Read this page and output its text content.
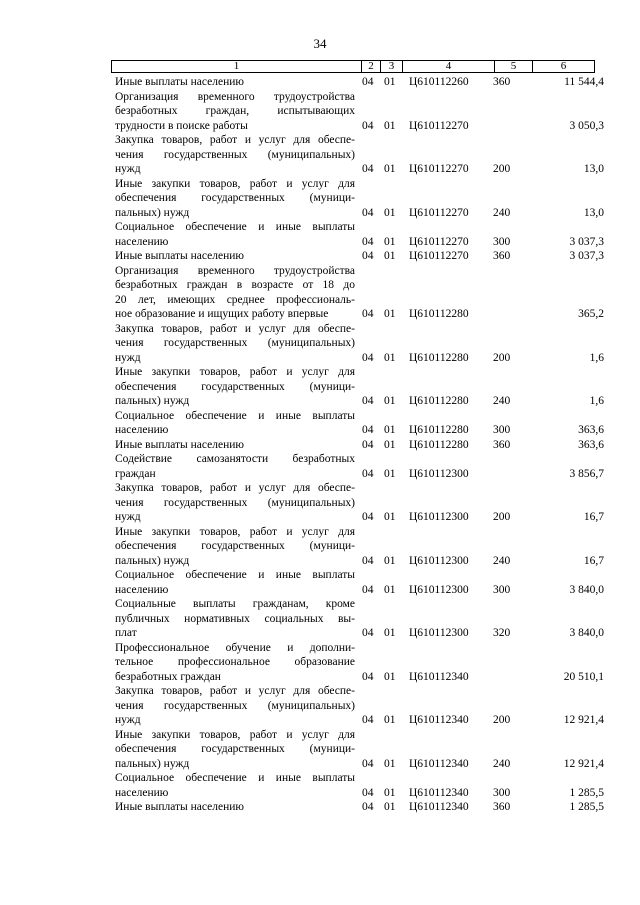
34
1	2	3	4	5	6
Иные выплаты населению	04 01 Ц610112260 360	11 544,4
Организация временного трудоустройства
безработных граждан, испытывающих
трудности в поиске работы	04 01 Ц610112270	3 050,3
Закупка товаров, работ и услуг для обеспе-
чения государственных (муниципальных)
нужд	04 01 Ц610112270 200	13,0
Иные закупки товаров, работ и услуг для
обеспечения государственных (муници-
пальных) нужд	04 01 Ц610112270 240	13,0
Социальное обеспечение и иные выплаты
населению	04 01 Ц610112270 300	3 037,3
Иные выплаты населению	04 01 Ц610112270 360	3 037,3
Организация временного трудоустройства
безработных граждан в возрасте от 18 до
20 лет, имеющих среднее профессиональ-
ное образование и ищущих работу впервые	04 01 Ц610112280	365,2
Закупка товаров, работ и услуг для обеспе-
чения государственных (муниципальных)
нужд	04 01 Ц610112280 200	1,6
Иные закупки товаров, работ и услуг для
обеспечения государственных (муници-
пальных) нужд	04 01 Ц610112280 240	1,6
Социальное обеспечение и иные выплаты
населению	04 01 Ц610112280 300	363,6
Иные выплаты населению	04 01 Ц610112280 360	363,6
Содействие самозанятости безработных
граждан	04 01 Ц610112300	3 856,7
Закупка товаров, работ и услуг для обеспе-
чения государственных (муниципальных)
нужд	04 01 Ц610112300 200	16,7
Иные закупки товаров, работ и услуг для
обеспечения государственных (муници-
пальных) нужд	04 01 Ц610112300 240	16,7
Социальное обеспечение и иные выплаты
населению	04 01 Ц610112300 300	3 840,0
Социальные выплаты гражданам, кроме
публичных нормативных социальных вы-
плат	04 01 Ц610112300 320	3 840,0
Профессиональное обучение и дополни-
тельное профессиональное образование
безработных граждан	04 01 Ц610112340	20 510,1
Закупка товаров, работ и услуг для обеспе-
чения государственных (муниципальных)
нужд	04 01 Ц610112340 200	12 921,4
Иные закупки товаров, работ и услуг для
обеспечения государственных (муници-
пальных) нужд	04 01 Ц610112340 240	12 921,4
Социальное обеспечение и иные выплаты
населению	04 01 Ц610112340 300	1 285,5
Иные выплаты населению	04 01 Ц610112340 360	1 285,5
